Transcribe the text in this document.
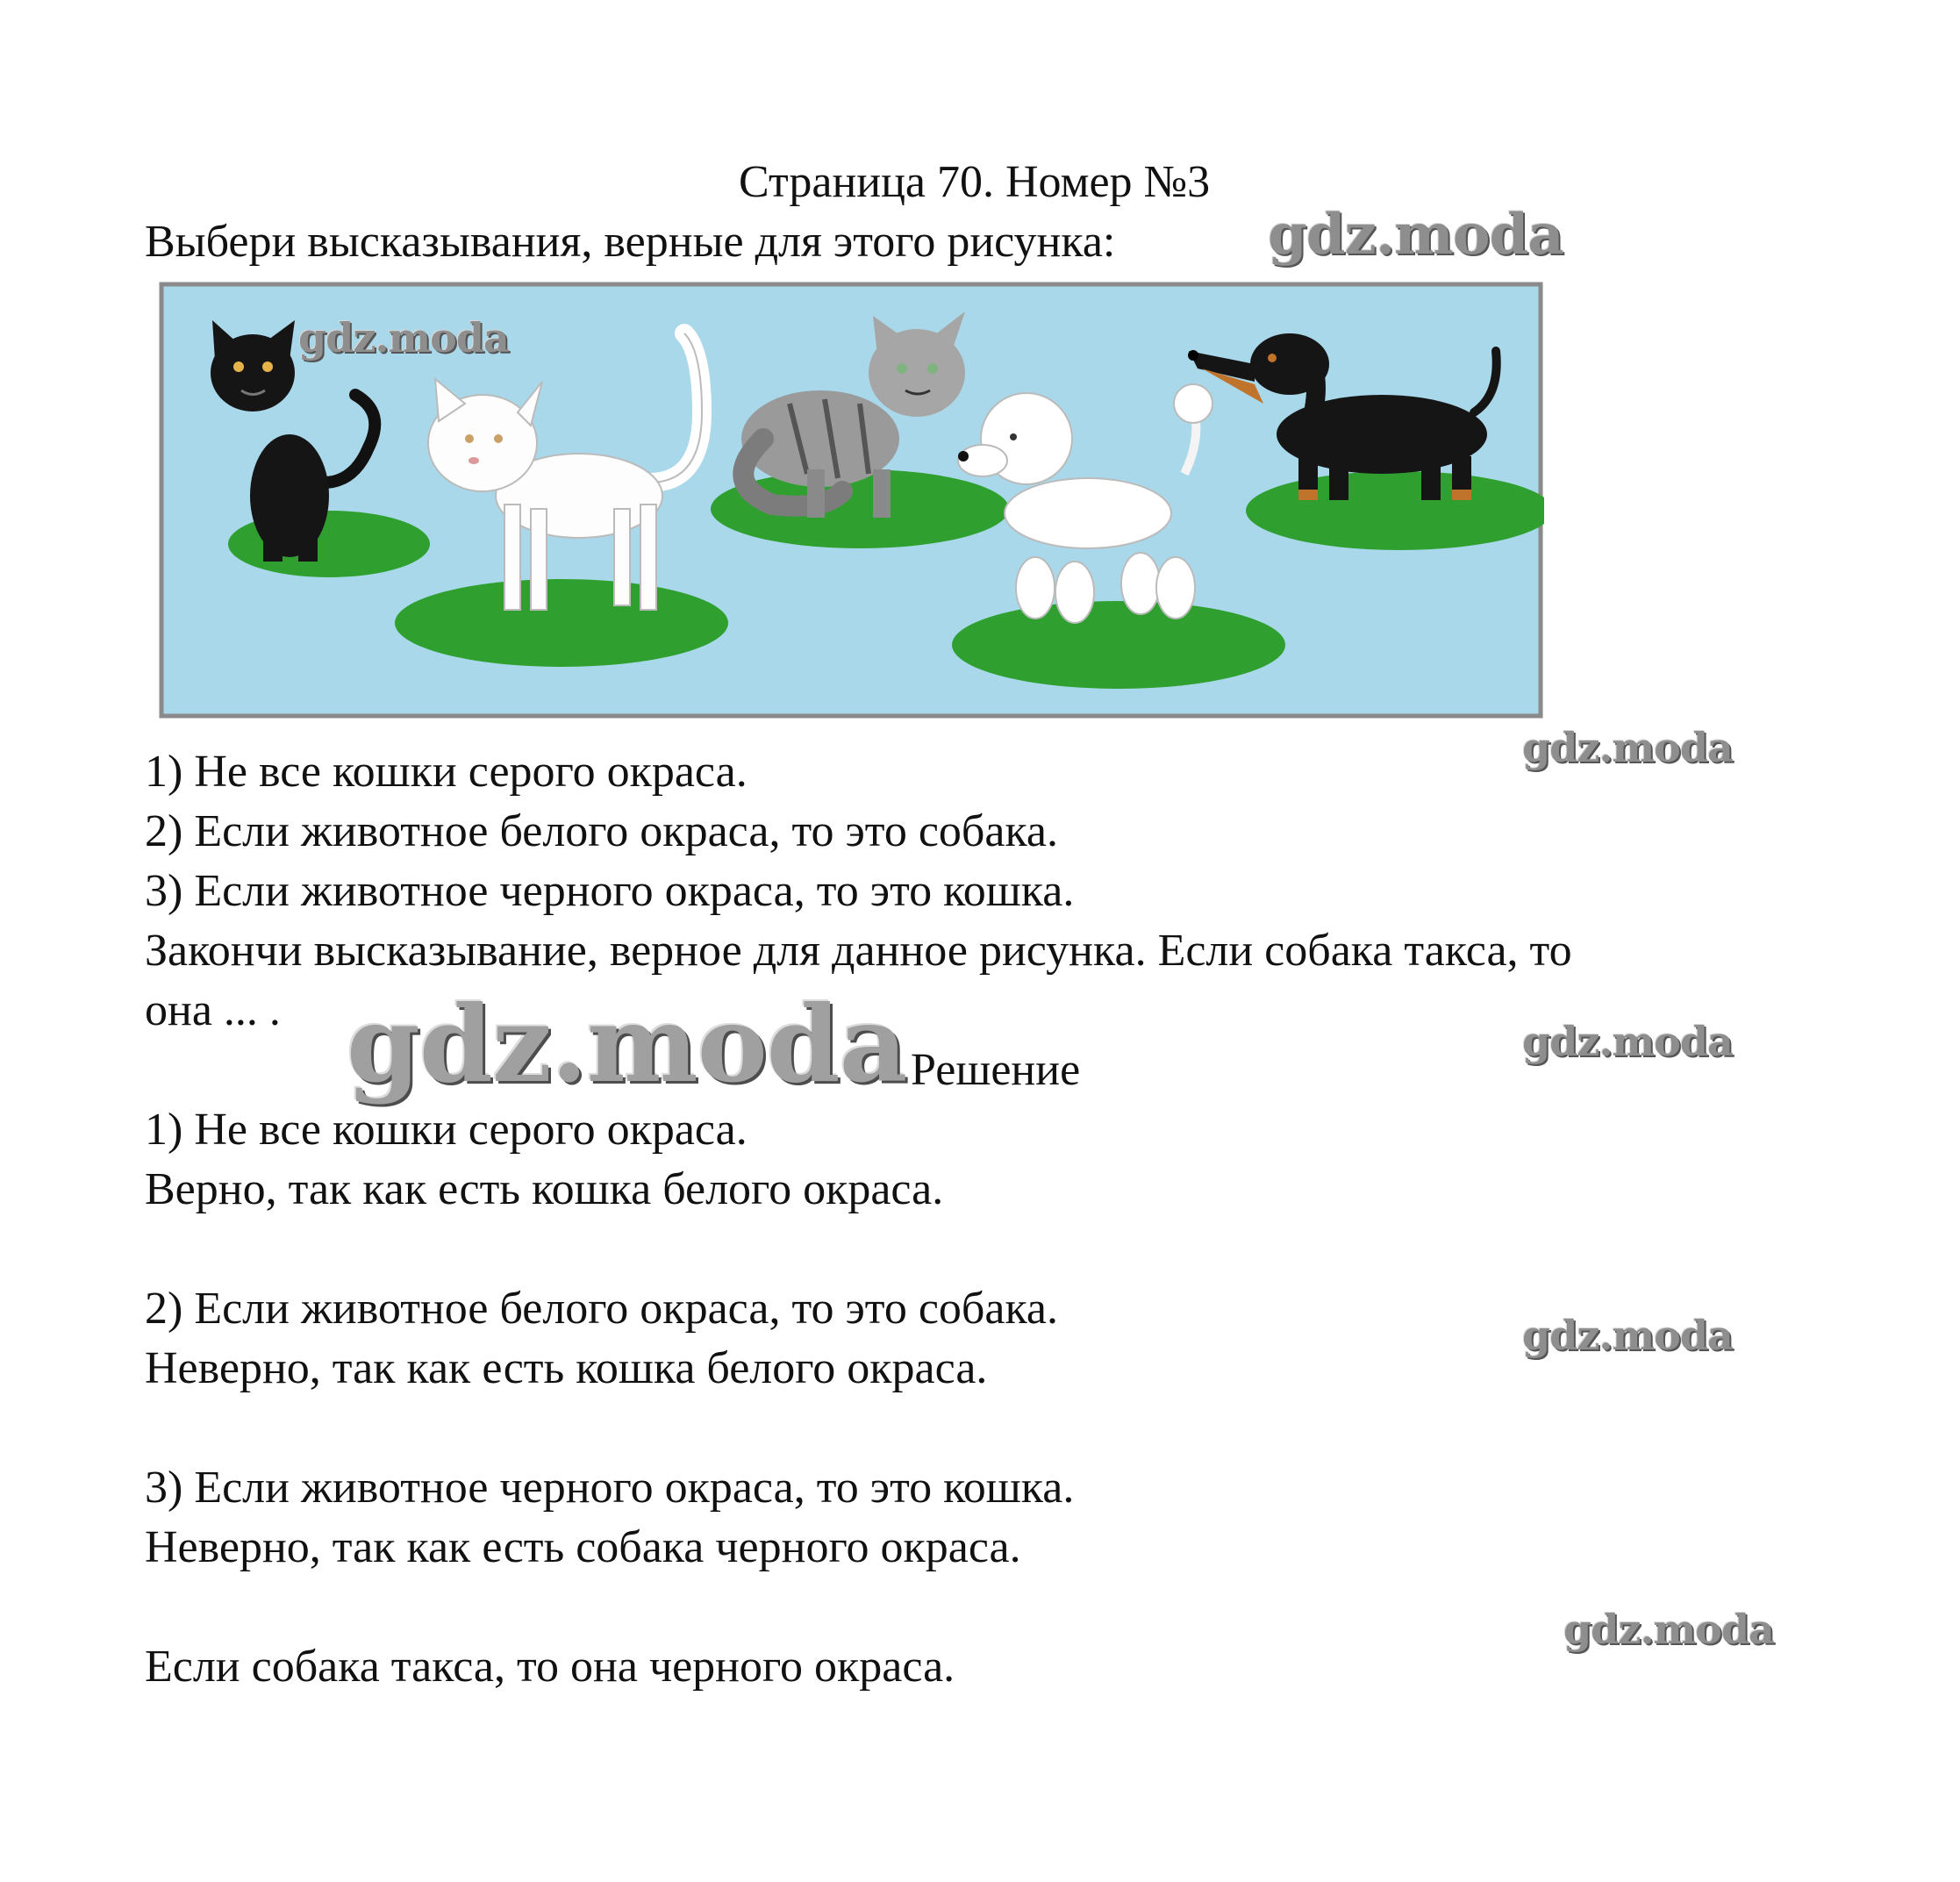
Страница 70. Номер №3
Выбери высказывания, верные для этого рисунка:	gdz.moda
gdz.moda
gdz.moda
1) Не все кошки серого окраса.
2) Если животное белого окраса, то это собака.
3) Если животное черного окраса, то это кошка.
Закончи высказывание, верное для данное рисунка. Если собака такса, то
она ... . gdz.moda Решение
gdz.moda
1) Не все кошки серого окраса.
Верно, так как есть кошка белого окраса.
2) Если животное белого окраса, то это собака.
gdz.moda
Неверно, так как есть кошка белого окраса.
3) Если животное черного окраса, то это кошка.
Неверно, так как есть собака черного окраса.
gdz.moda
Если собака такса, то она черного окраса.
